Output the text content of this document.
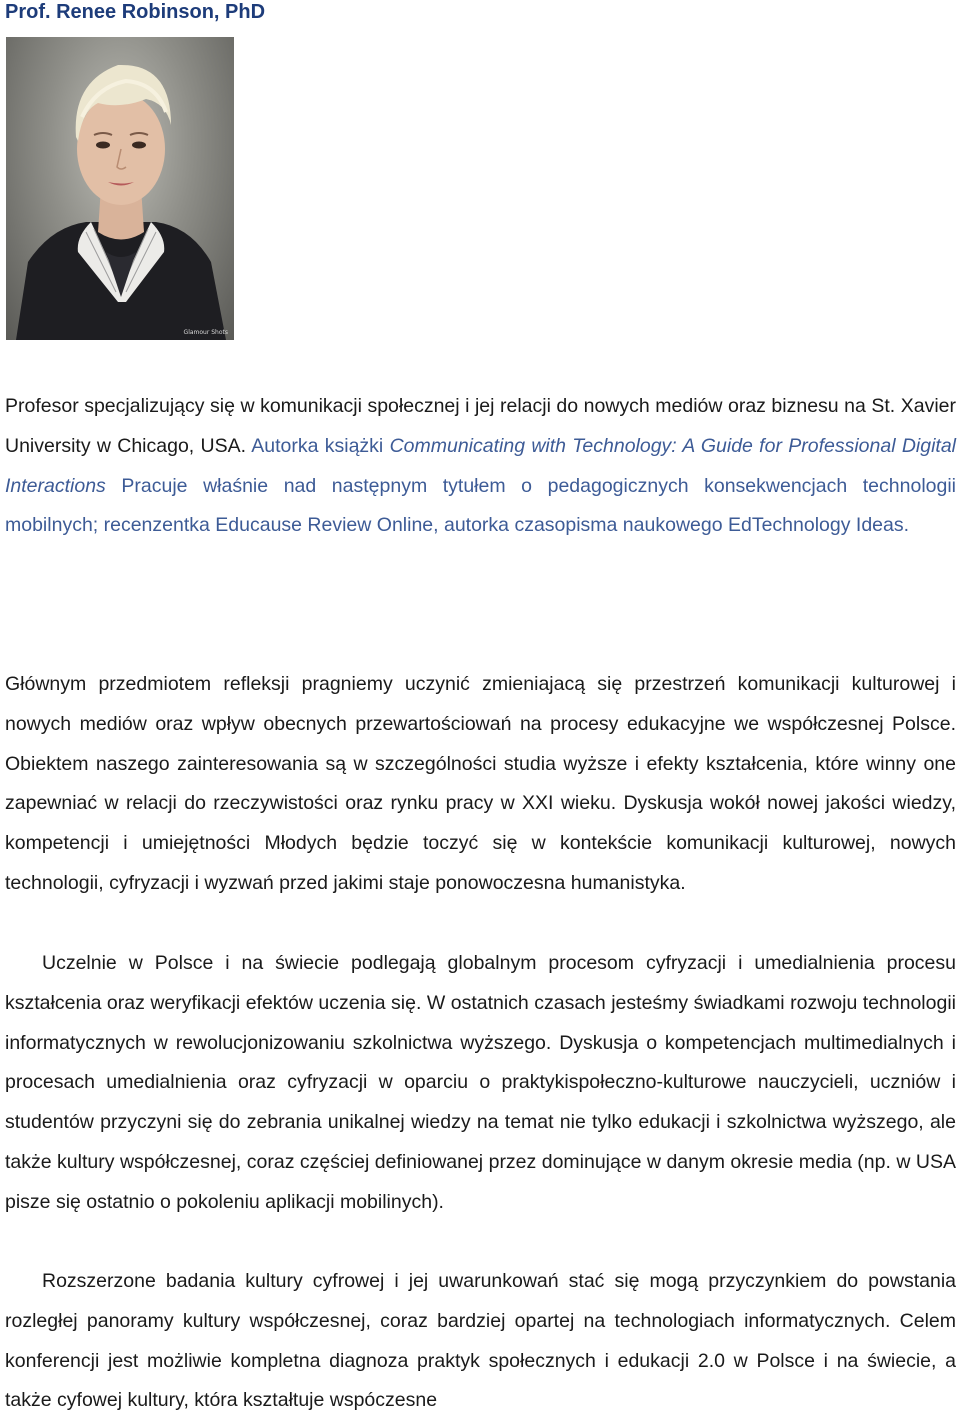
Prof. Renee Robinson, PhD
Glamour Shots

Profesor specjalizujący się w komunikacji społecznej i jej relacji do nowych mediów oraz biznesu na St. Xavier University w Chicago, USA. Autorka książki Communicating with Technology: A Guide for Professional Digital Interactions Pracuje właśnie nad następnym tytułem o pedagogicznych konsekwencjach technologii mobilnych; recenzentka Educause Review Online, autorka czasopisma naukowego EdTechnology Ideas.

Głównym przedmiotem refleksji pragniemy uczynić zmieniajacą się przestrzeń komunikacji kulturowej i nowych mediów oraz wpływ obecnych przewartościowań na procesy edukacyjne we współczesnej Polsce. Obiektem naszego zainteresowania są w szczególności studia wyższe i efekty kształcenia, które winny one zapewniać w relacji do rzeczywistości oraz rynku pracy w XXI wieku. Dyskusja wokół nowej jakości wiedzy, kompetencji i umiejętności Młodych będzie toczyć się w kontekście komunikacji kulturowej, nowych technologii, cyfryzacji i wyzwań przed jakimi staje ponowoczesna humanistyka.

Uczelnie w Polsce i na świecie podlegają globalnym procesom cyfryzacji i umedialnienia procesu kształcenia oraz weryfikacji efektów uczenia się. W ostatnich czasach jesteśmy świadkami rozwoju technologii informatycznych w rewolucjonizowaniu szkolnictwa wyższego. Dyskusja o kompetencjach multimedialnych i procesach umedialnienia oraz cyfryzacji w oparciu o praktykispołeczno-kulturowe nauczycieli, uczniów i studentów przyczyni się do zebrania unikalnej wiedzy na temat nie tylko edukacji i szkolnictwa wyższego, ale także kultury współczesnej, coraz częściej definiowanej przez dominujące w danym okresie media (np. w USA pisze się ostatnio o pokoleniu aplikacji mobilinych).

Rozszerzone badania kultury cyfrowej i jej uwarunkowań stać się mogą przyczynkiem do powstania rozległej panoramy kultury współczesnej, coraz bardziej opartej na technologiach informatycznych. Celem konferencji jest możliwie kompletna diagnoza praktyk społecznych i edukacji 2.0 w Polsce i na świecie, a także cyfowej kultury, która kształtuje wspóczesne
